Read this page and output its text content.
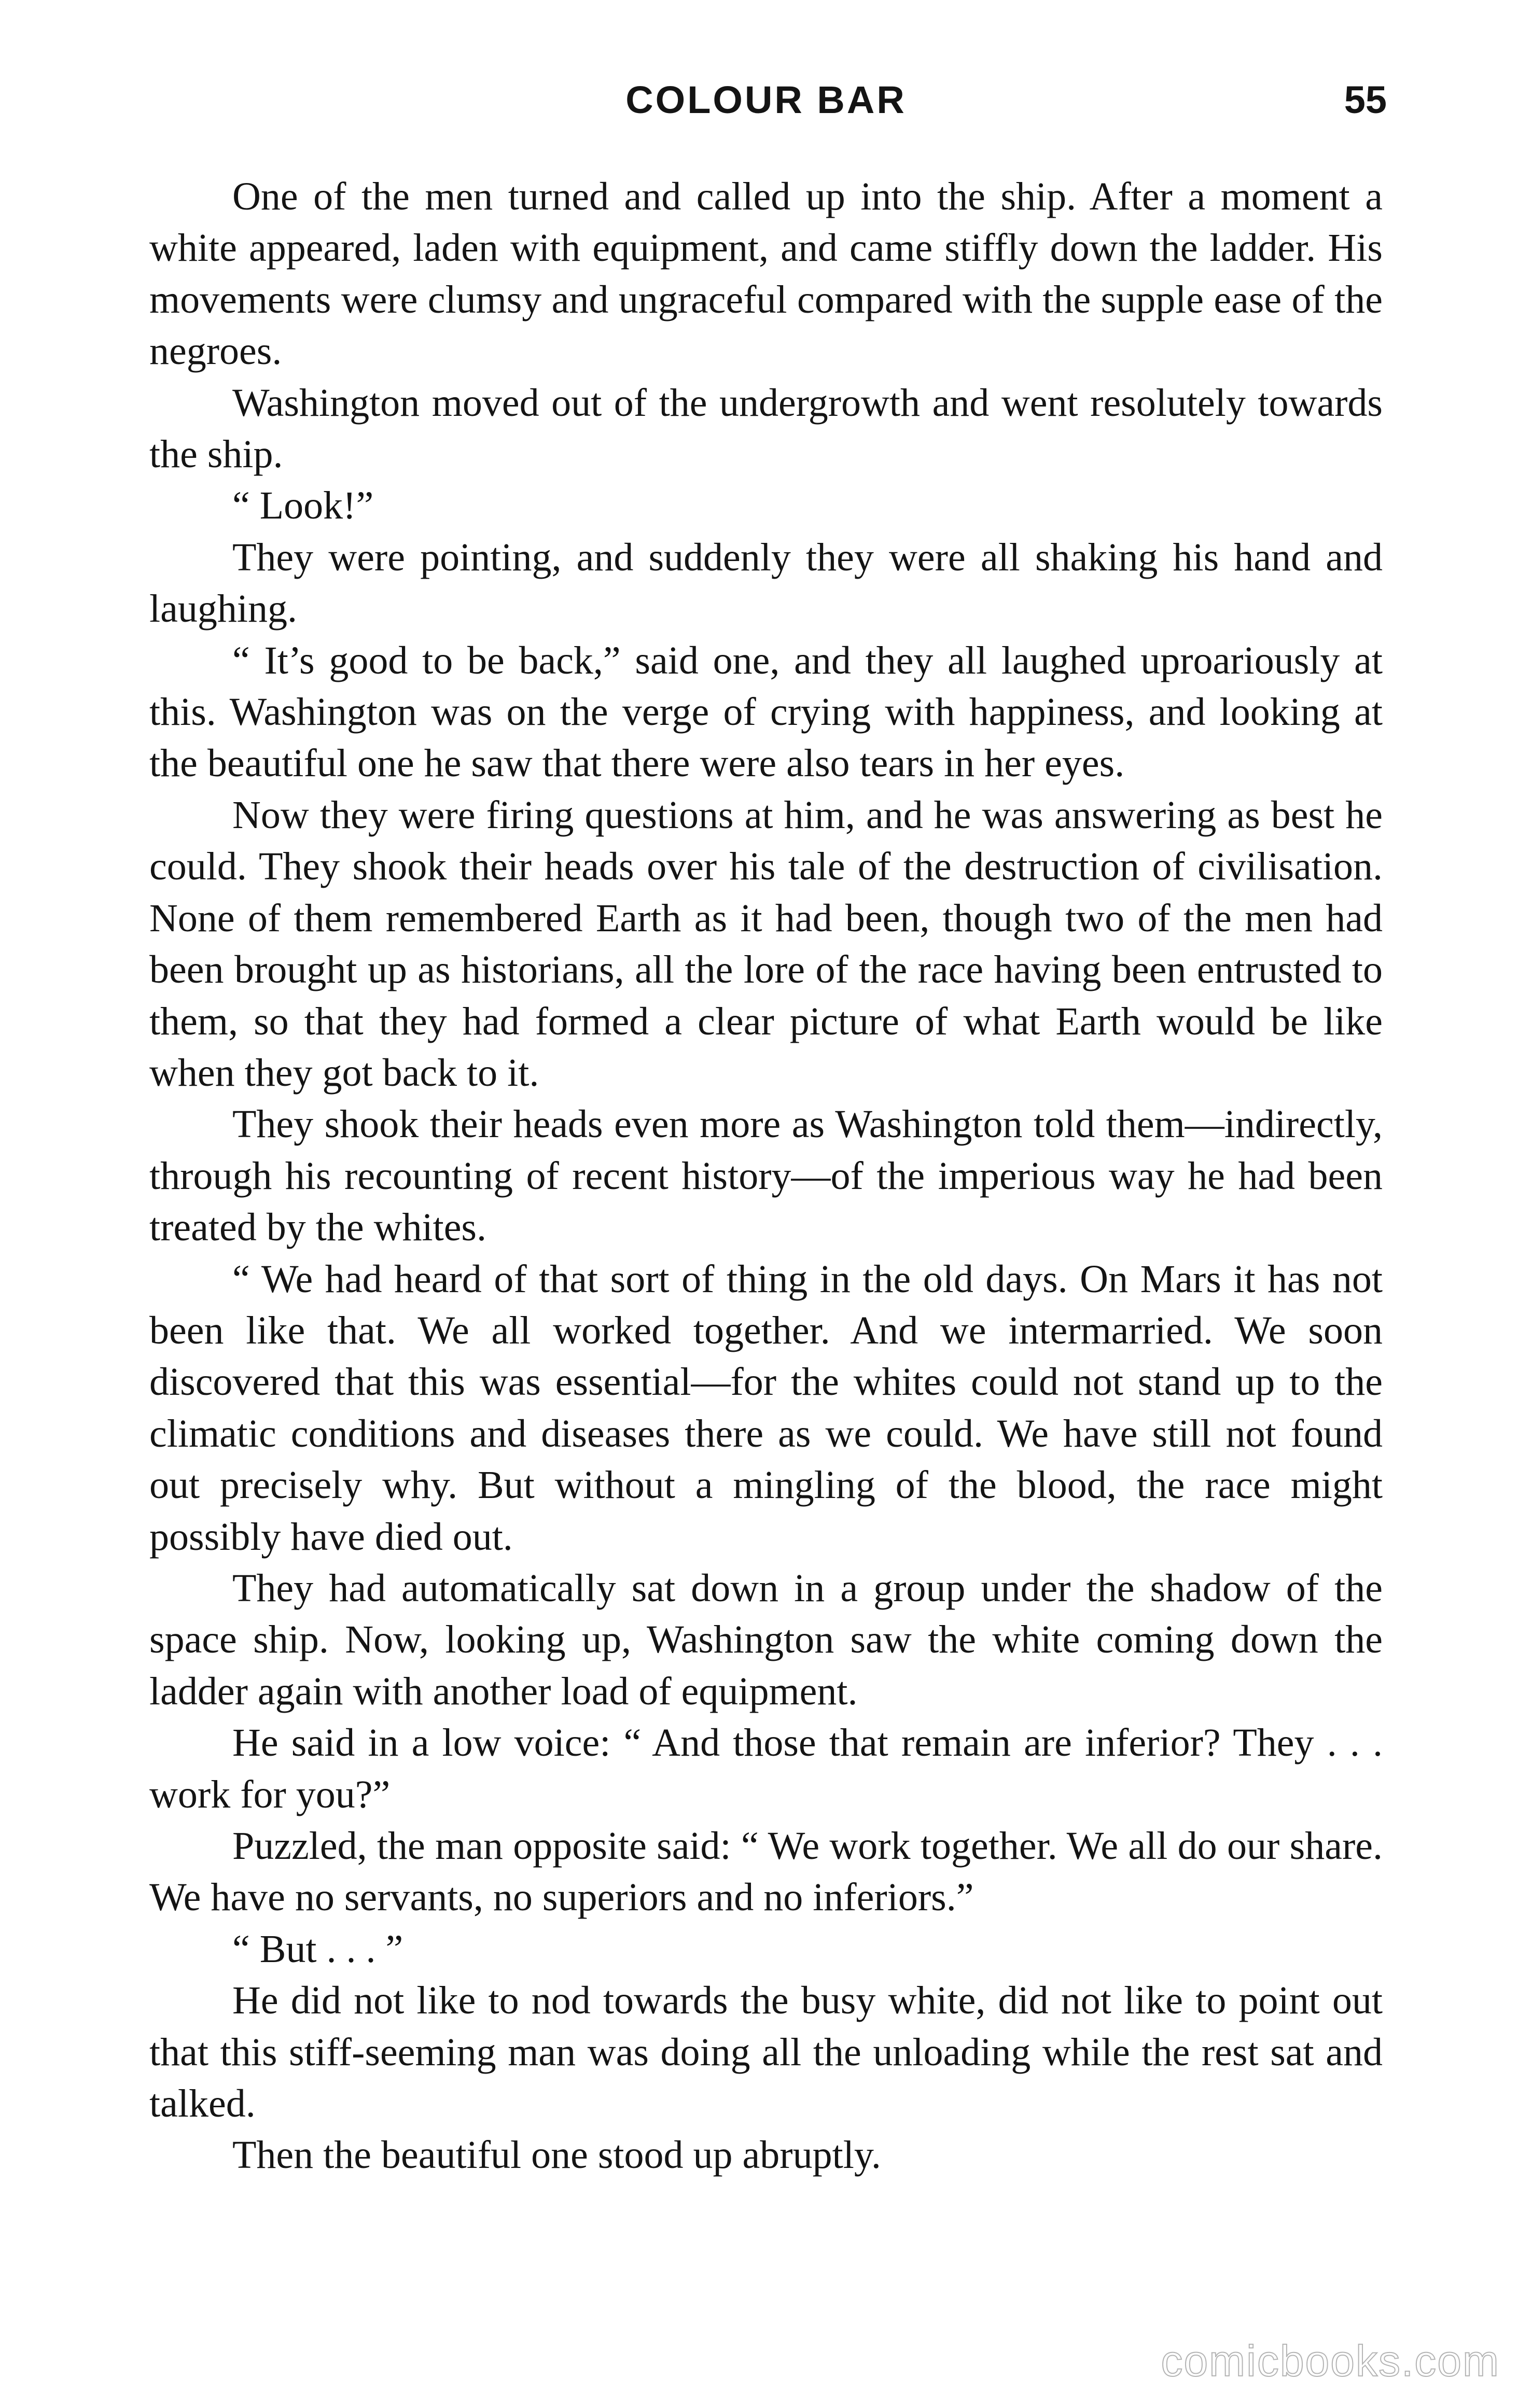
COLOUR BAR	55

One of the men turned and called up into the ship. After a moment a white appeared, laden with equipment, and came stiffly down the ladder. His movements were clumsy and ungraceful compared with the supple ease of the negroes.

Washington moved out of the undergrowth and went resolutely towards the ship.

“ Look!”

They were pointing, and suddenly they were all shaking his hand and laughing.

“ It’s good to be back,” said one, and they all laughed uproariously at this. Washington was on the verge of crying with happiness, and looking at the beautiful one he saw that there were also tears in her eyes.

Now they were firing questions at him, and he was answering as best he could. They shook their heads over his tale of the destruction of civilisation. None of them remembered Earth as it had been, though two of the men had been brought up as historians, all the lore of the race having been entrusted to them, so that they had formed a clear picture of what Earth would be like when they got back to it.

They shook their heads even more as Washington told them—indirectly, through his recounting of recent history—of the imperious way he had been treated by the whites.

“ We had heard of that sort of thing in the old days. On Mars it has not been like that. We all worked together. And we intermarried. We soon discovered that this was essential—for the whites could not stand up to the climatic conditions and diseases there as we could. We have still not found out precisely why. But without a mingling of the blood, the race might possibly have died out.

They had automatically sat down in a group under the shadow of the space ship. Now, looking up, Washington saw the white coming down the ladder again with another load of equipment.

He said in a low voice: “ And those that remain are inferior? They . . . work for you?”

Puzzled, the man opposite said: “ We work together. We all do our share. We have no servants, no superiors and no inferiors.”

“ But . . . ”

He did not like to nod towards the busy white, did not like to point out that this stiff-seeming man was doing all the unloading while the rest sat and talked.

Then the beautiful one stood up abruptly.

comicbooks.com
